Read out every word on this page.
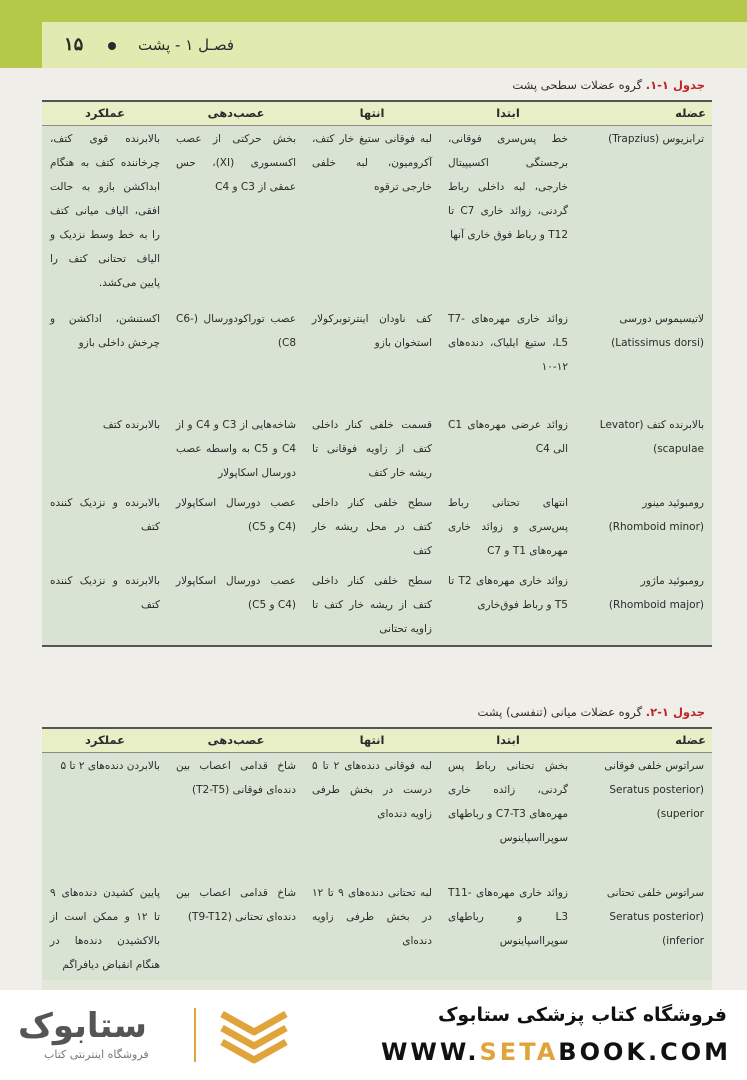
۱۵	فصـل ۱ - پشت
جدول ۱-۱. گروه عضلات سطحی پشت
عضله	ابتدا	انتها	عصب‌دهی	عملکرد
ترابزیوس (Trapzius)	خط پس‌سری فوقانی، برجستگی اکسیپیتال خارجی، لبه داخلی رباط گردنی، زوائد خاری C7 تا T12 و رباط فوق خاری آنها	لبه فوقانی ستیغ خار کتف، آکرومیون، لبه خلفی خارجی ترقوه	بخش حرکتی از عصب اکسسوری (XI)، حس عمقی از C3 و C4	بالابرنده قوی کتف، چرخاننده کتف به هنگام ابداکشن بازو به حالت افقی، الیاف میانی کتف را به خط وسط نزدیک و الیاف تحتانی کتف را پایین می‌کشد.
لاتیسیموس دورسی (Latissimus dorsi)	زوائد خاری مهره‌های T7-L5، ستیغ ایلیاک، دنده‌های ۱۲-۱۰	کف ناودان اینترتوبرکولار استخوان بازو	عصب توراکودورسال (C6-C8)	اکستنشن، اداکشن و چرخش داخلی بازو
بالابرنده کتف (Levator scapulae)	زوائد عرضی مهره‌های C1 الی C4	قسمت خلفی کنار داخلی کتف از زاویه فوقانی تا ریشه خار کتف	شاخه‌هایی از C3 و C4 و از C4 و C5 به واسطه عصب دورسال اسکاپولار	بالابرنده کتف
رومبوئید مینور (Rhomboid minor)	انتهای تحتانی رباط پس‌سری و زوائد خاری مهره‌های T1 و C7	سطح خلفی کنار داخلی کتف در محل ریشه خار کتف	عصب دورسال اسکاپولار (C4 و C5)	بالابرنده و نزدیک کننده کتف
رومبوئید ماژور (Rhomboid major)	زوائد خاری مهره‌های T2 تا T5 و رباط فوق‌خاری	سطح خلفی کنار داخلی کتف از ریشه خار کتف تا زاویه تحتانی	عصب دورسال اسکاپولار (C4 و C5)	بالابرنده و نزدیک کننده کتف
جدول ۱-۲. گروه عضلات میانی (تنفسی) پشت
عضله	ابتدا	انتها	عصب‌دهی	عملکرد
سراتوس خلفی فوقانی (Seratus posterior superior)	بخش تحتانی رباط پس گردنی، زائده خاری مهره‌های C7-T3 و رباطهای سوپرااسپاینوس	لبه فوقانی دنده‌های ۲ تا ۵ درست در بخش طرفی زاویه دنده‌ای	شاخ قدامی اعصاب بین دنده‌ای فوقانی (T2-T5)	بالابردن دنده‌های ۲ تا ۵
سراتوس خلفی تحتانی (Seratus posterior inferior)	زوائد خاری مهره‌های T11-L3 و رباطهای سوپرااسپاینوس	لبه تحتانی دنده‌های ۹ تا ۱۲ در بخش طرفی زاویه دنده‌ای	شاخ قدامی اعصاب بین دنده‌ای تحتانی (T9-T12)	پایین کشیدن دنده‌های ۹ تا ۱۲ و ممکن است از بالاکشیدن دنده‌ها در هنگام انقباض دیافراگم
ستابوک
فروشگاه اینترنتی کتاب
فروشگاه کتاب پزشکی ستابوک
WWW.SETABOOK.COM
